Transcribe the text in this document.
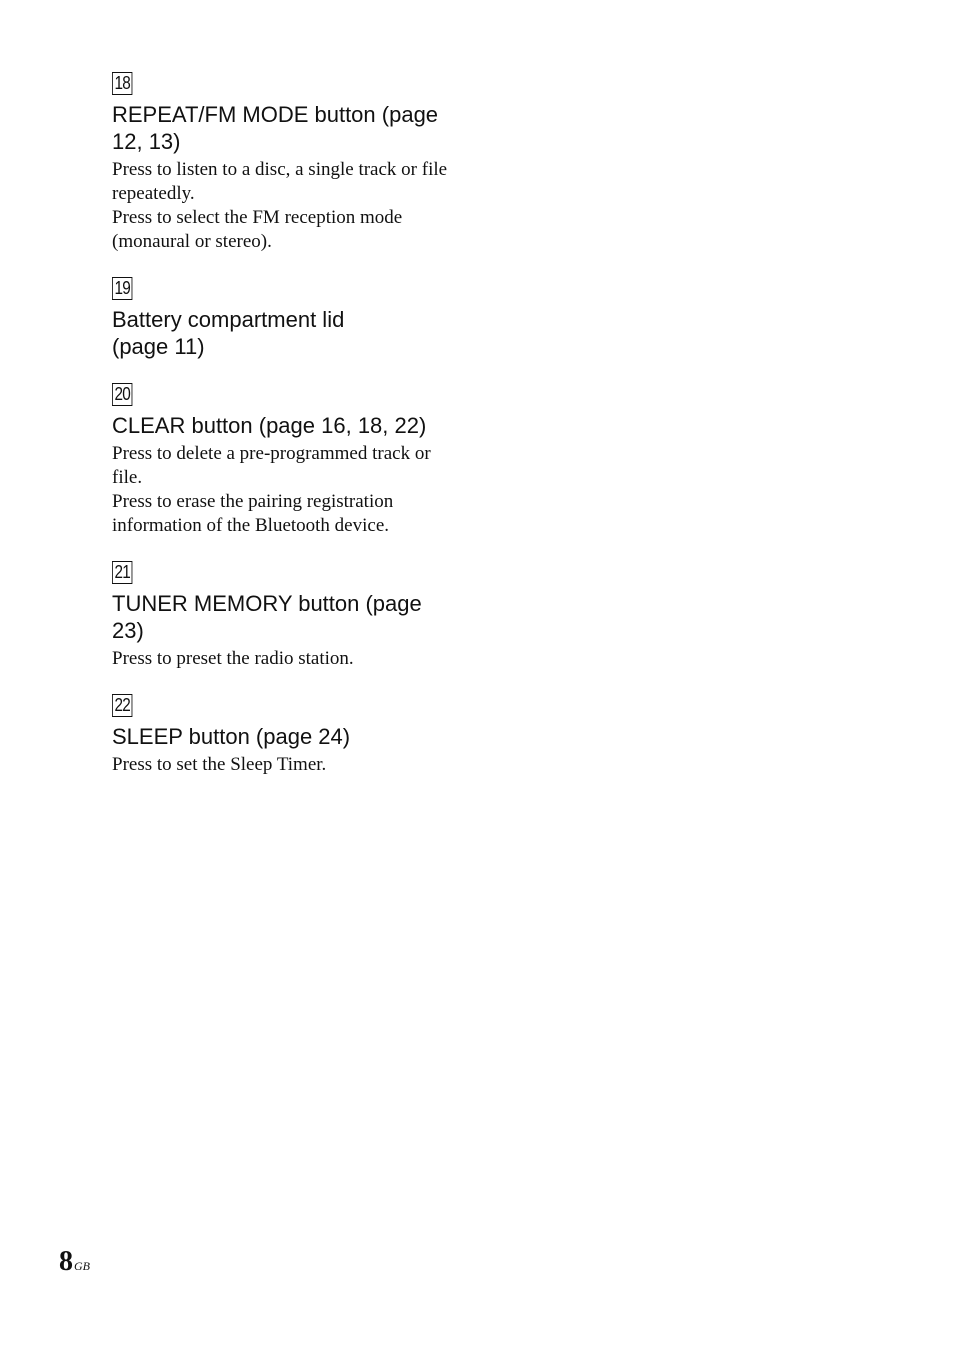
18
REPEAT/FM MODE button (page 12, 13)

Press to listen to a disc, a single track or file repeatedly.

Press to select the FM reception mode (monaural or stereo).

19
Battery compartment lid (page 11)
20
CLEAR button (page 16, 18, 22)

Press to delete a pre-programmed track or file.

Press to erase the pairing registration information of the Bluetooth device.

21
TUNER MEMORY button (page 23)

Press to preset the radio station.

22
SLEEP button (page 24)

Press to set the Sleep Timer.

$8^{GB}$
